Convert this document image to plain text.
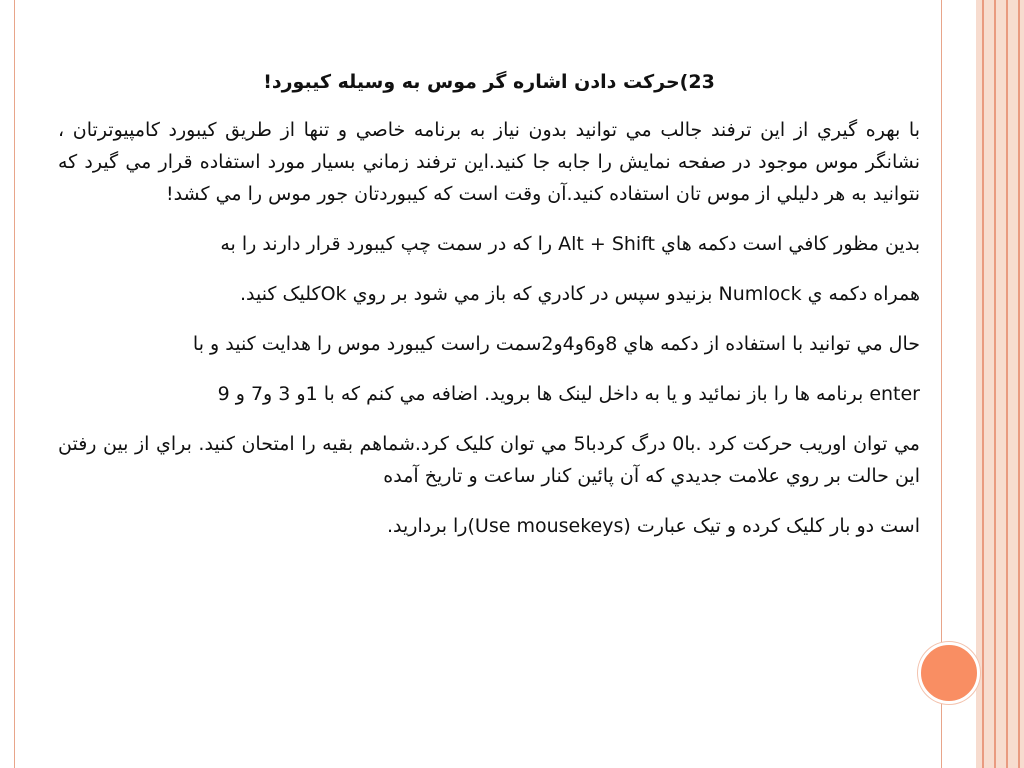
23)حرکت دادن اشاره گر موس به وسيله کيبورد!

با بهره گيري از اين ترفند جالب مي توانيد بدون نياز به برنامه خاصي و تنها از طريق کيبورد کامپيوترتان ، نشانگر موس موجود در صفحه نمايش را جابه جا کنيد.اين ترفند زماني بسيار مورد استفاده قرار مي گيرد که نتوانيد به هر دليلي از موس تان استفاده کنيد.آن وقت است که کيبوردتان جور موس را مي کشد!

بدين مظور کافي است دکمه هاي Alt + Shift را که در سمت چپ کيبورد قرار دارند را به

همراه دکمه ي Numlock بزنيدو سپس در کادري که باز مي شود بر روي Okکليک کنيد.

حال مي توانيد با استفاده از دکمه هاي 8و6و4و2سمت راست کيبورد موس را هدايت کنيد و با

enter برنامه ها را باز نمائيد و يا به داخل لينک ها برويد. اضافه مي کنم که با 1و 3 و7 و 9

مي توان اوريب حرکت کرد .با0 درگ کردبا5 مي توان کليک کرد.شماهم بقيه را امتحان کنيد. براي از بين رفتن اين حالت بر روي علامت جديدي که آن پائين کنار ساعت و تاريخ آمده

است دو بار کليک کرده و تيک عبارت (Use mousekeys)را برداريد.
